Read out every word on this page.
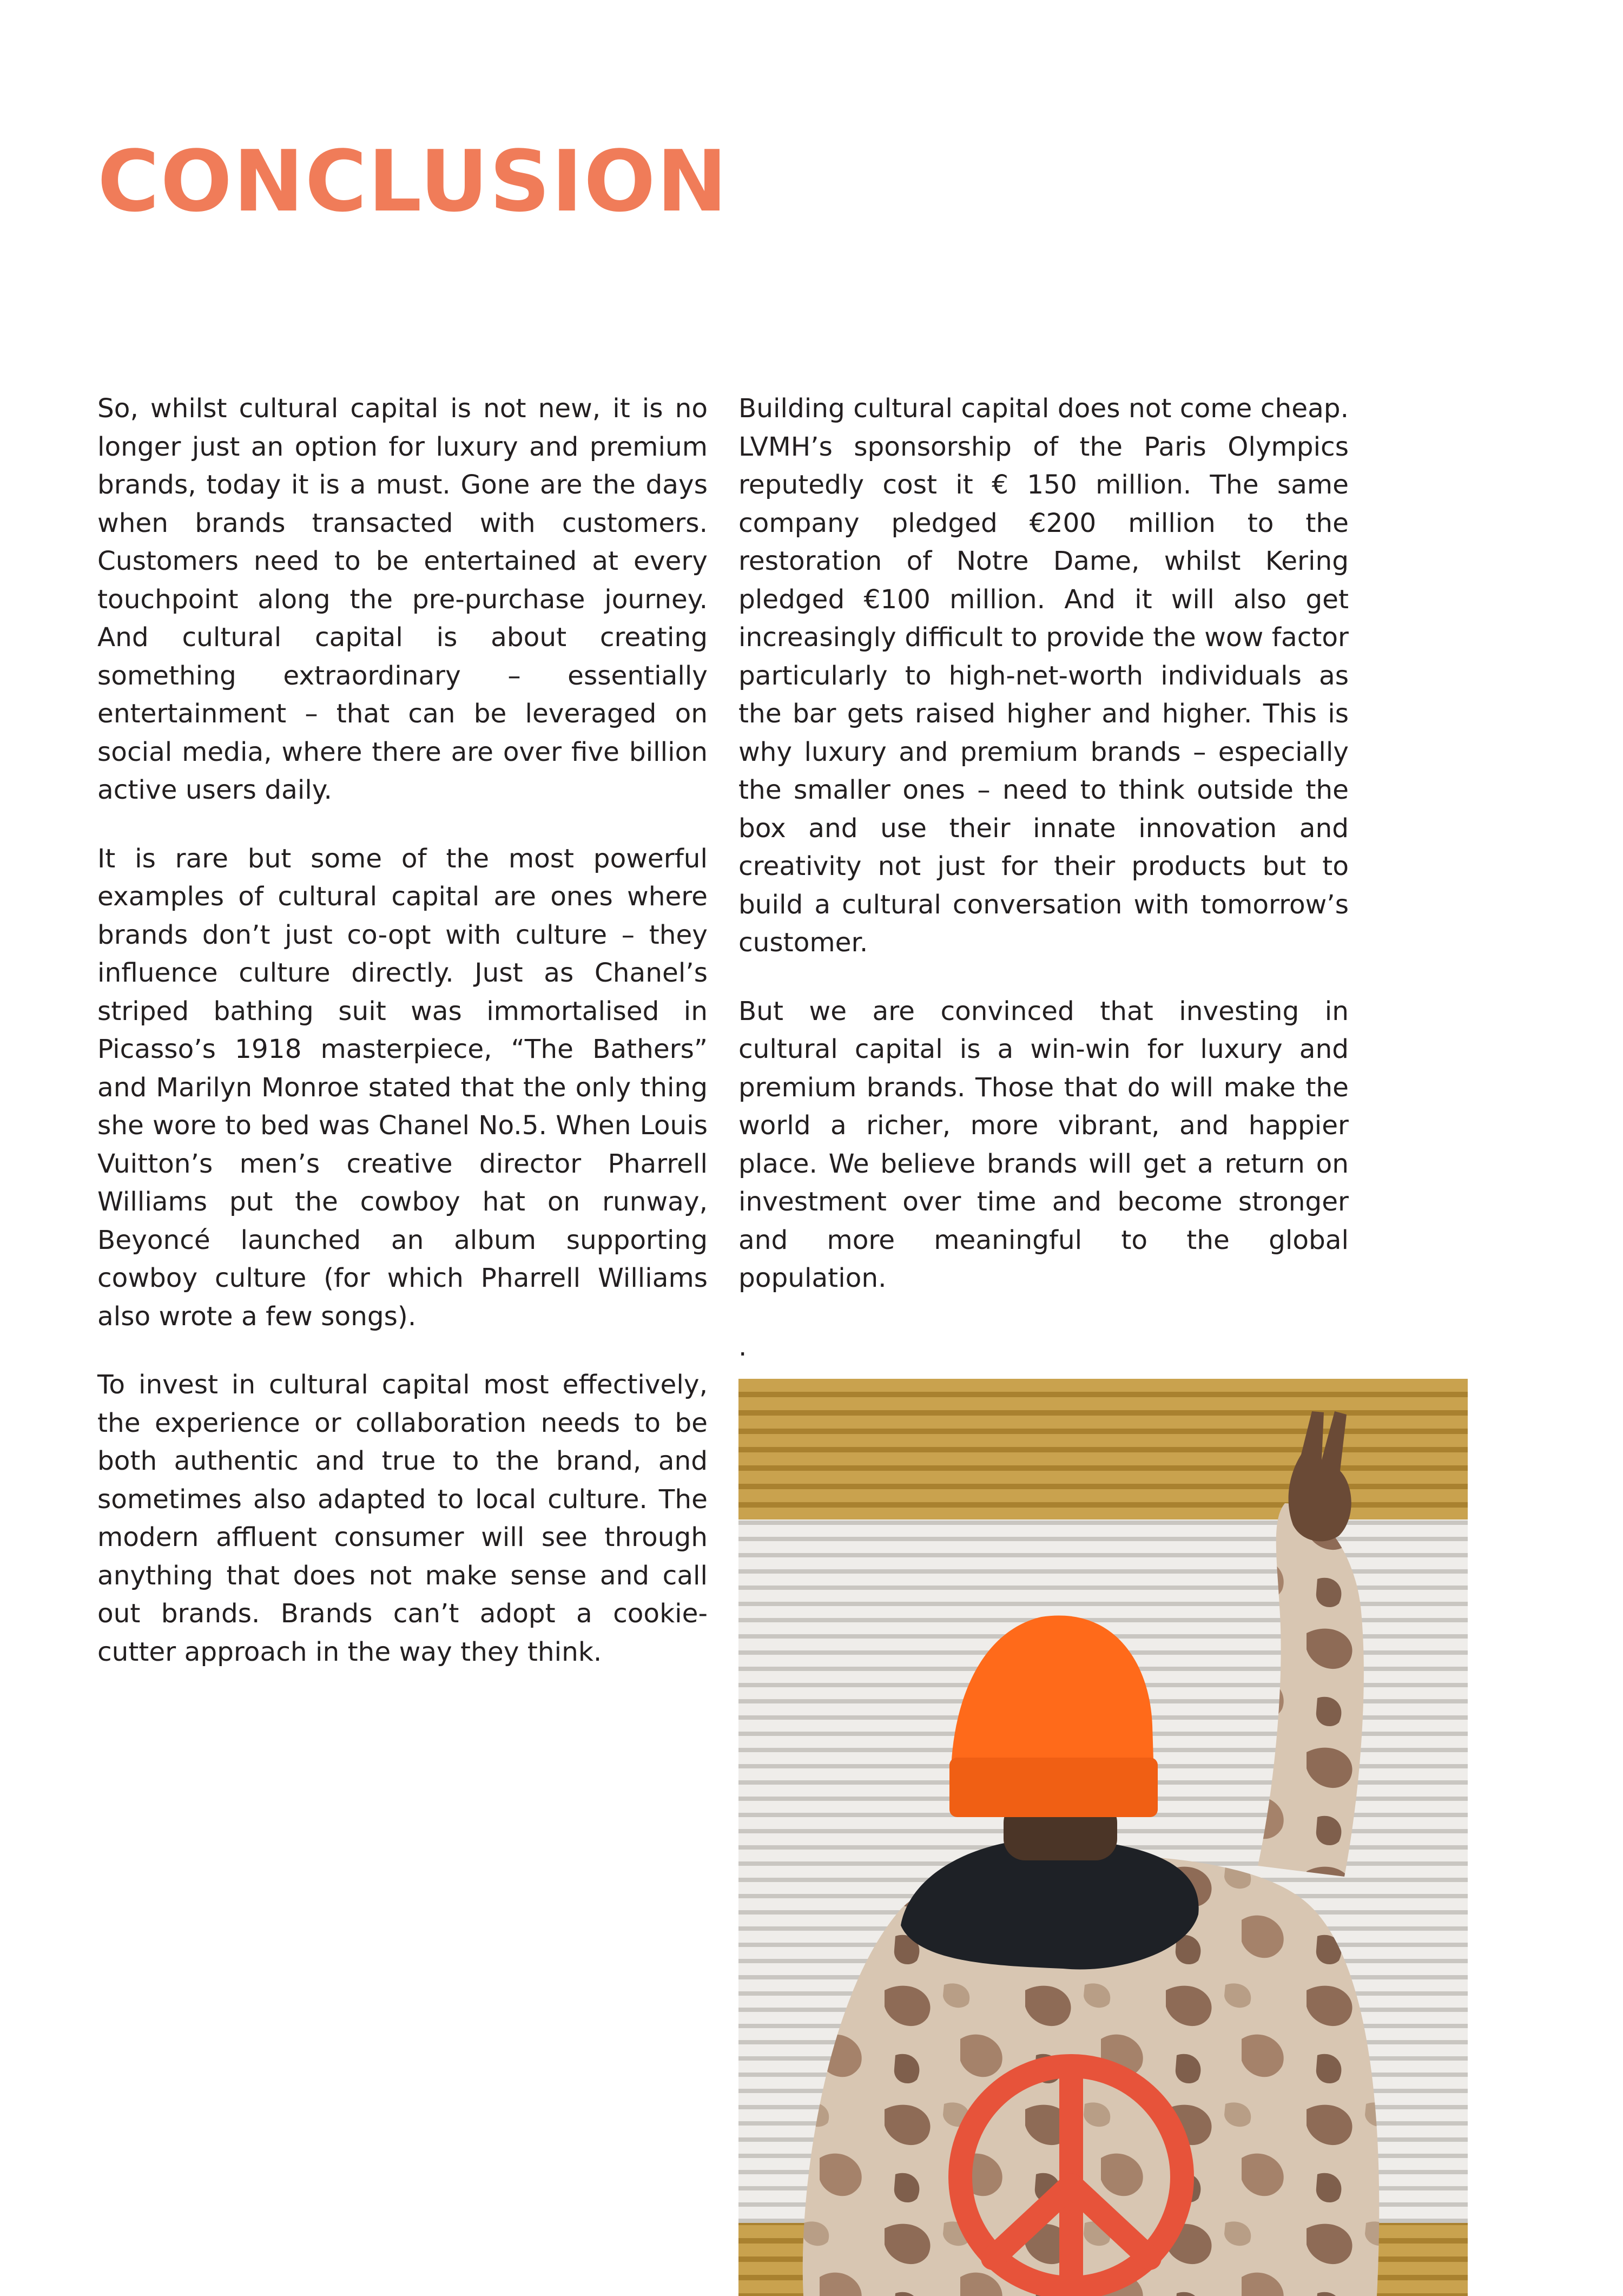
CONCLUSION

So, whilst cultural capital is not new, it is no longer just an option for luxury and premium brands, today it is a must. Gone are the days when brands transacted with customers. Customers need to be entertained at every touchpoint along the pre-purchase journey. And cultural capital is about creating something extraordinary – essentially entertainment – that can be leveraged on social media, where there are over five billion active users daily.

It is rare but some of the most powerful examples of cultural capital are ones where brands don’t just co-opt with culture – they influence culture directly. Just as Chanel’s striped bathing suit was immortalised in Picasso’s 1918 masterpiece, “The Bathers” and Marilyn Monroe stated that the only thing she wore to bed was Chanel No.5. When Louis Vuitton’s men’s creative director Pharrell Williams put the cowboy hat on runway, Beyoncé launched an album supporting cowboy culture (for which Pharrell Williams also wrote a few songs).

To invest in cultural capital most effectively, the experience or collaboration needs to be both authentic and true to the brand, and sometimes also adapted to local culture. The modern affluent consumer will see through anything that does not make sense and call out brands. Brands can’t adopt a cookie-cutter approach in the way they think.

Building cultural capital does not come cheap. LVMH’s sponsorship of the Paris Olympics reputedly cost it € 150 million. The same company pledged €200 million to the restoration of Notre Dame, whilst Kering pledged €100 million. And it will also get increasingly difficult to provide the wow factor particularly to high-net-worth individuals as the bar gets raised higher and higher. This is why luxury and premium brands – especially the smaller ones – need to think outside the box and use their innate innovation and creativity not just for their products but to build a cultural conversation with tomorrow’s customer.

But we are convinced that investing in cultural capital is a win-win for luxury and premium brands. Those that do will make the world a richer, more vibrant, and happier place. We believe brands will get a return on investment over time and become stronger and more meaningful to the global population.

.
